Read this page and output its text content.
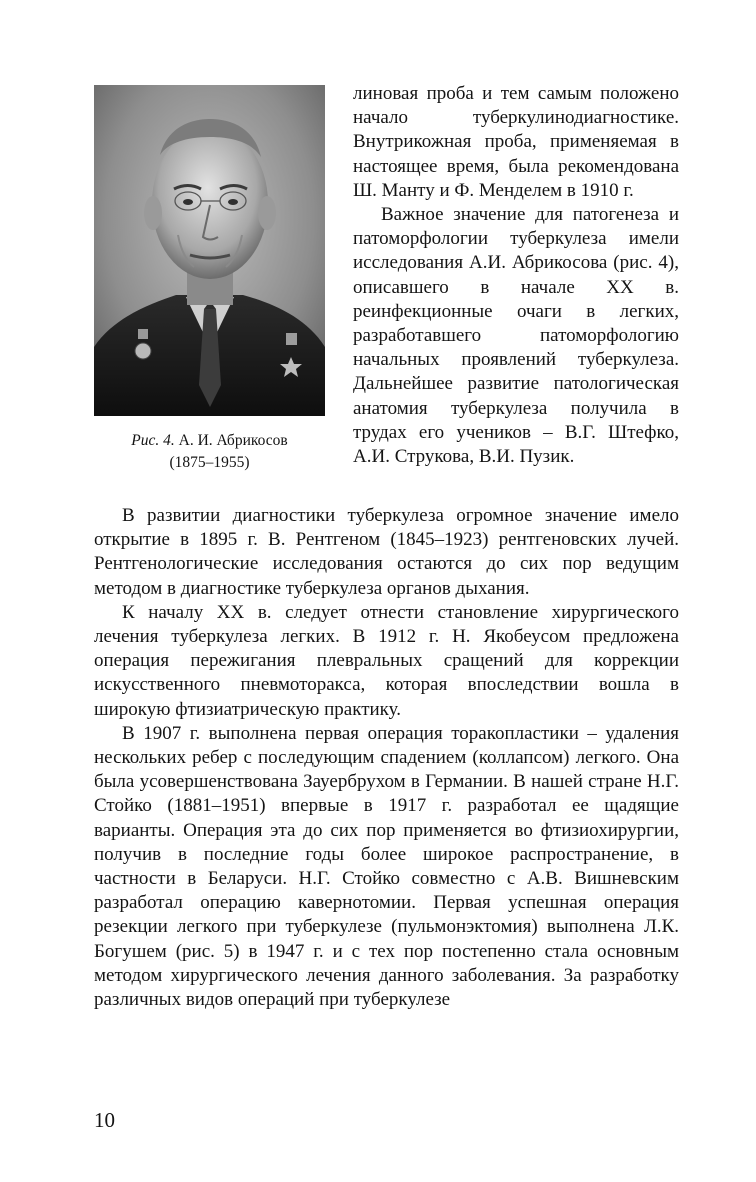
Рис. 4. А. И. Абрикосов
(1875–1955)

линовая проба и тем самым положено начало туберкулинодиагностике. Внутрикожная проба, применяемая в настоящее время, была рекомендована Ш. Манту и Ф. Менделем в 1910 г.

Важное значение для патогенеза и патоморфологии туберкулеза имели исследования А.И. Абрикосова (рис. 4), описавшего в начале XX в. реинфекционные очаги в легких, разработавшего патоморфологию начальных проявлений туберкулеза. Дальнейшее развитие патологическая анатомия туберкулеза получила в трудах его учеников – В.Г. Штефко, А.И. Струкова, В.И. Пузик.

В развитии диагностики туберкулеза огромное значение имело открытие в 1895 г. В. Рентгеном (1845–1923) рентгеновских лучей. Рентгенологические исследования остаются до сих пор ведущим методом в диагностике туберкулеза органов дыхания.

К началу XX в. следует отнести становление хирургического лечения туберкулеза легких. В 1912 г. Н. Якобеусом предложена операция пережигания плевральных сращений для коррекции искусственного пневмоторакса, которая впоследствии вошла в широкую фтизиатрическую практику.

В 1907 г. выполнена первая операция торакопластики – удаления нескольких ребер с последующим спадением (коллапсом) легкого. Она была усовершенствована Зауербрухом в Германии. В нашей стране Н.Г. Стойко (1881–1951) впервые в 1917 г. разработал ее щадящие варианты. Операция эта до сих пор применяется во фтизиохирургии, получив в последние годы более широкое распространение, в частности в Беларуси. Н.Г. Стойко совместно с А.В. Вишневским разработал операцию кавернотомии. Первая успешная операция резекции легкого при туберкулезе (пульмонэктомия) выполнена Л.К. Богушем (рис. 5) в 1947 г. и с тех пор постепенно стала основным методом хирургического лечения данного заболевания. За разработку различных видов операций при туберкулезе

10
